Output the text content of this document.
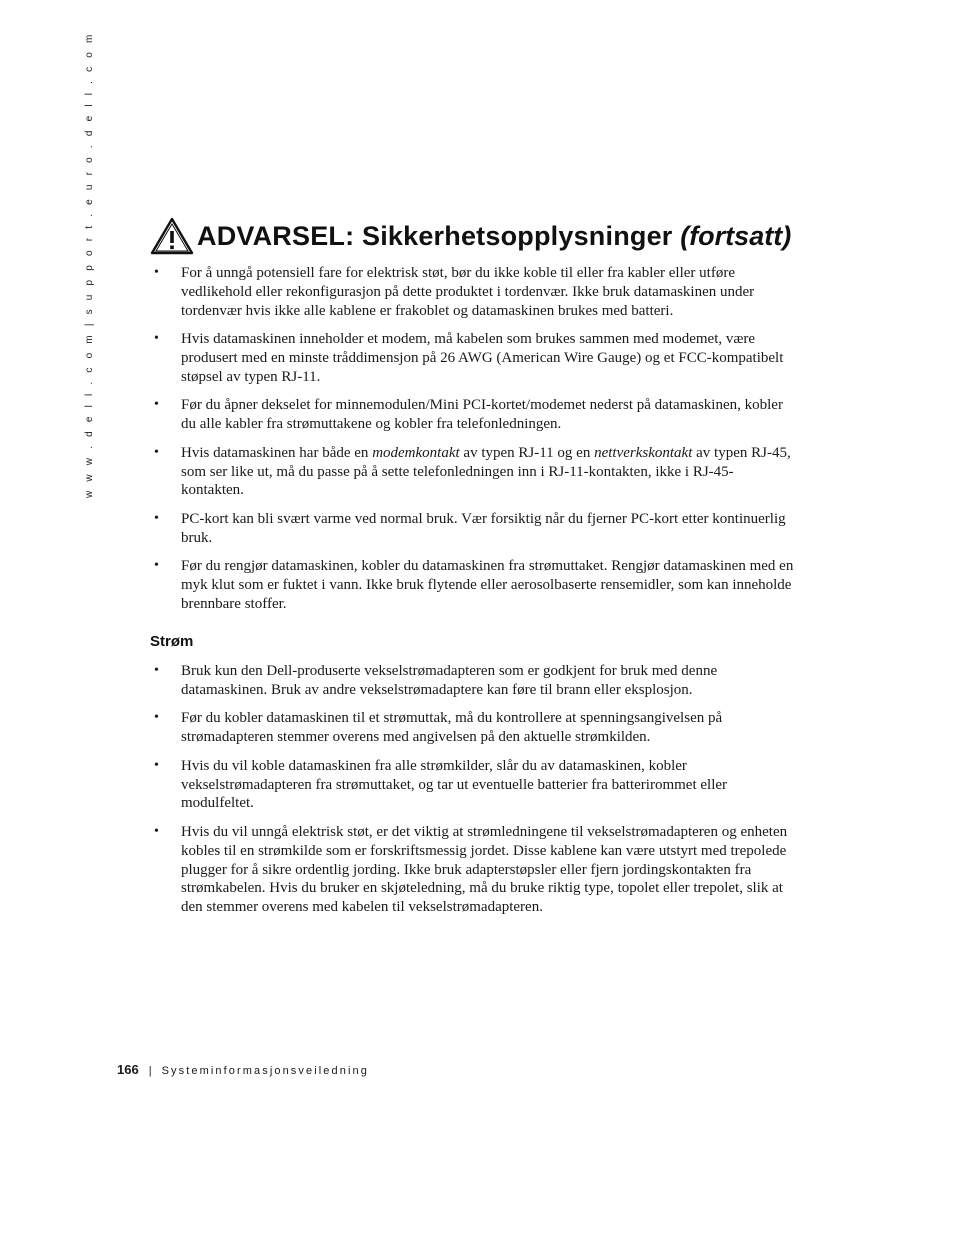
w w w . d e l l . c o m | s u p p o r t . e u r o . d e l l . c o m	ADVARSEL: Sikkerhetsopplysninger (fortsatt)
• For å unngå potensiell fare for elektrisk støt, bør du ikke koble til eller fra kabler eller utføre vedlikehold eller rekonfigurasjon på dette produktet i tordenvær. Ikke bruk datamaskinen under tordenvær hvis ikke alle kablene er frakoblet og datamaskinen brukes med batteri.
• Hvis datamaskinen inneholder et modem, må kabelen som brukes sammen med modemet, være produsert med en minste tråddimensjon på 26 AWG (American Wire Gauge) og et FCC-kompatibelt støpsel av typen RJ-11.
• Før du åpner dekselet for minnemodulen/Mini PCI-kortet/modemet nederst på datamaskinen, kobler du alle kabler fra strømuttakene og kobler fra telefonledningen.
• Hvis datamaskinen har både en modemkontakt av typen RJ-11 og en nettverkskontakt av typen RJ-45, som ser like ut, må du passe på å sette telefonledningen inn i RJ-11-kontakten, ikke i RJ-45-kontakten.
• PC-kort kan bli svært varme ved normal bruk. Vær forsiktig når du fjerner PC-kort etter kontinuerlig bruk.
• Før du rengjør datamaskinen, kobler du datamaskinen fra strømuttaket. Rengjør datamaskinen med en myk klut som er fuktet i vann. Ikke bruk flytende eller aerosolbaserte rensemidler, som kan inneholde brennbare stoffer.
Strøm
• Bruk kun den Dell-produserte vekselstrømadapteren som er godkjent for bruk med denne datamaskinen. Bruk av andre vekselstrømadaptere kan føre til brann eller eksplosjon.
• Før du kobler datamaskinen til et strømuttak, må du kontrollere at spenningsangivelsen på strømadapteren stemmer overens med angivelsen på den aktuelle strømkilden.
• Hvis du vil koble datamaskinen fra alle strømkilder, slår du av datamaskinen, kobler vekselstrømadapteren fra strømuttaket, og tar ut eventuelle batterier fra batterirommet eller modulfeltet.
• Hvis du vil unngå elektrisk støt, er det viktig at strømledningene til vekselstrømadapteren og enheten kobles til en strømkilde som er forskriftsmessig jordet. Disse kablene kan være utstyrt med trepolede plugger for å sikre ordentlig jording. Ikke bruk adapterstøpsler eller fjern jordingskontakten fra strømkabelen. Hvis du bruker en skjøteledning, må du bruke riktig type, topolet eller trepolet, slik at den stemmer overens med kabelen til vekselstrømadapteren.
166 | Systeminformasjonsveiledning
